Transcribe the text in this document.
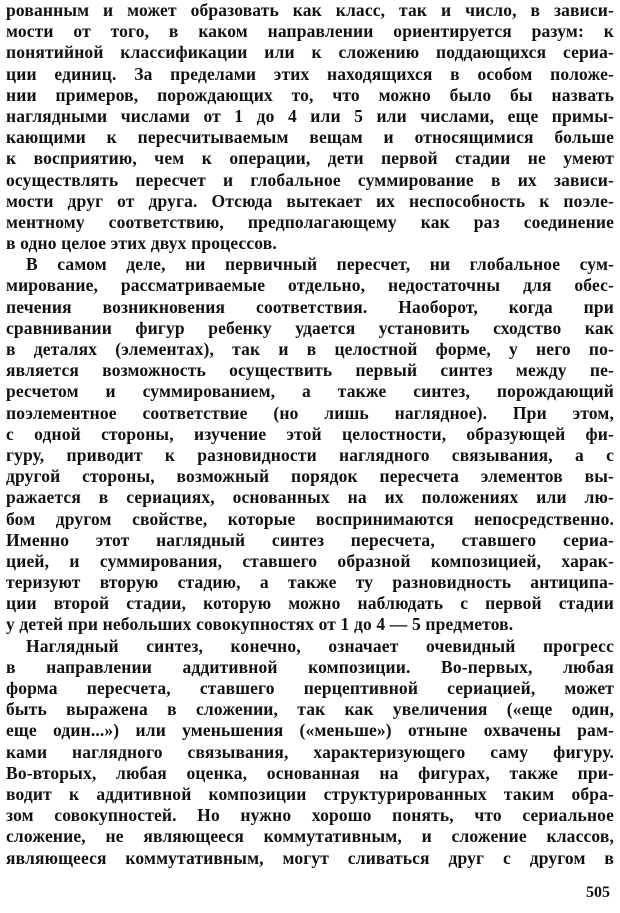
рованным и может образовать как класс, так и число, в зависи-
мости от того, в каком направлении ориентируется разум: к
понятийной классификации или к сложению поддающихся сериа-
ции единиц. За пределами этих находящихся в особом положе-
нии примеров, порождающих то, что можно было бы назвать
наглядными числами от 1 до 4 или 5 или числами, еще примы-
кающими к пересчитываемым вещам и относящимися больше
к восприятию, чем к операции, дети первой стадии не умеют
осуществлять пересчет и глобальное суммирование в их зависи-
мости друг от друга. Отсюда вытекает их неспособность к поэле-
ментному соответствию, предполагающему как раз соединение
в одно целое этих двух процессов.
В самом деле, ни первичный пересчет, ни глобальное сум-
мирование, рассматриваемые отдельно, недостаточны для обес-
печения возникновения соответствия. Наоборот, когда при
сравнивании фигур ребенку удается установить сходство как
в деталях (элементах), так и в целостной форме, у него по-
является возможность осуществить первый синтез между пе-
ресчетом и суммированием, а также синтез, порождающий
поэлементное соответствие (но лишь наглядное). При этом,
с одной стороны, изучение этой целостности, образующей фи-
гуру, приводит к разновидности наглядного связывания, а с
другой стороны, возможный порядок пересчета элементов вы-
ражается в сериациях, основанных на их положениях или лю-
бом другом свойстве, которые воспринимаются непосредственно.
Именно этот наглядный синтез пересчета, ставшего сериа-
цией, и суммирования, ставшего образной композицией, харак-
теризуют вторую стадию, а также ту разновидность антиципа-
ции второй стадии, которую можно наблюдать с первой стадии
у детей при небольших совокупностях от 1 до 4 — 5 предметов.
Наглядный синтез, конечно, означает очевидный прогресс
в направлении аддитивной композиции. Во-первых, любая
форма пересчета, ставшего перцептивной сериацией, может
быть выражена в сложении, так как увеличения («еще один,
еще один...») или уменьшения («меньше») отныне охвачены рам-
ками наглядного связывания, характеризующего саму фигуру.
Во-вторых, любая оценка, основанная на фигурах, также при-
водит к аддитивной композиции структурированных таким обра-
зом совокупностей. Но нужно хорошо понять, что сериальное
сложение, не являющееся коммутативным, и сложение классов,
являющееся коммутативным, могут сливаться друг с другом в
505
